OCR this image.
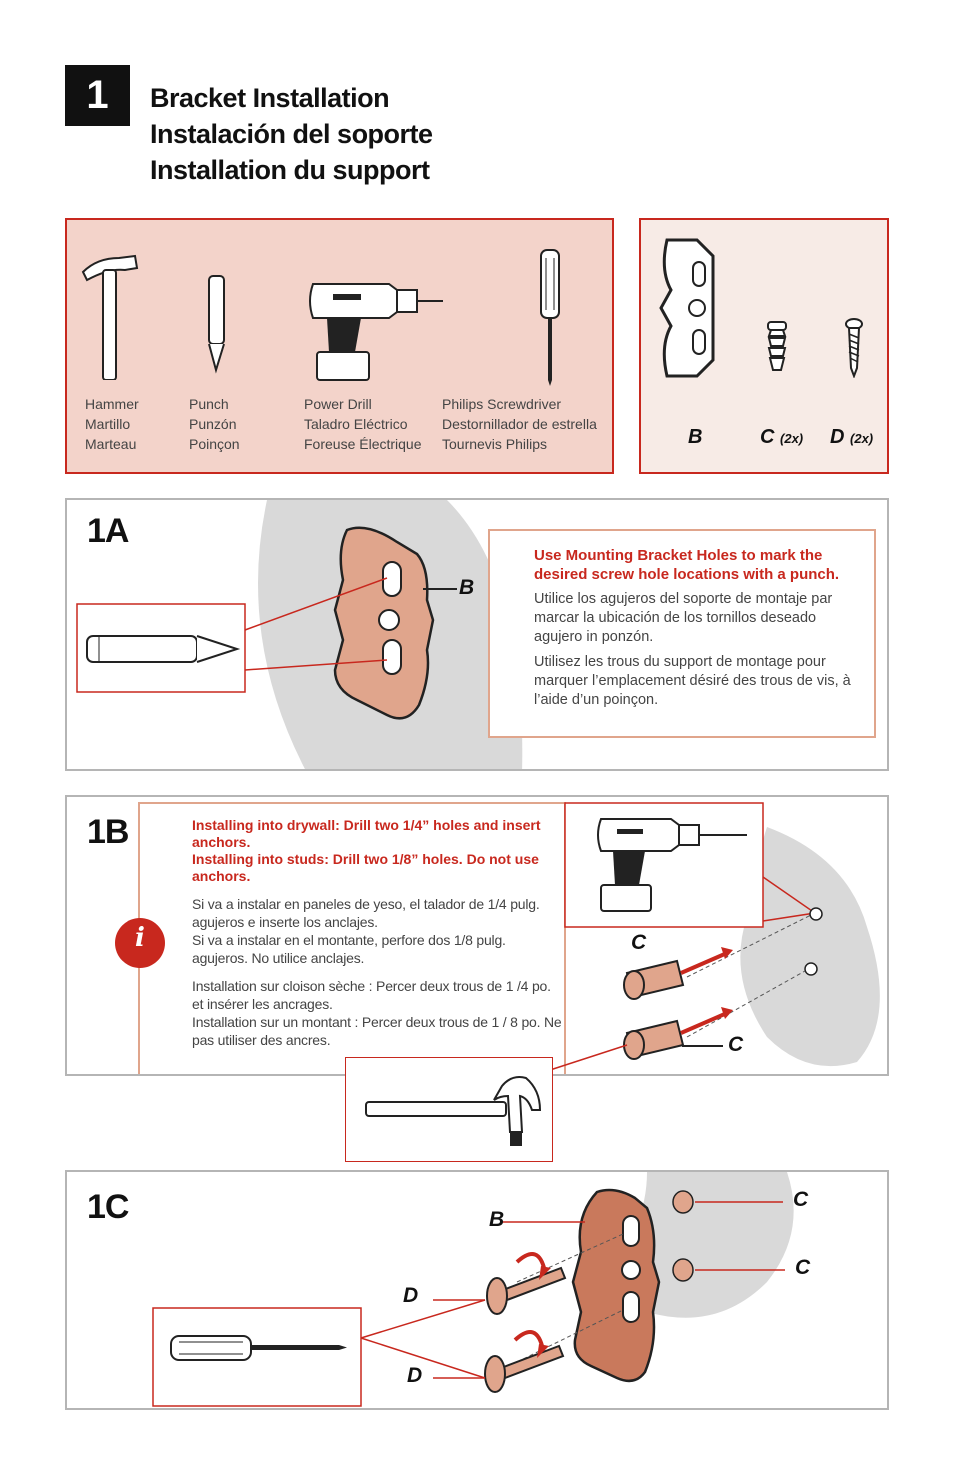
1	Bracket Installation
Instalación del soporte
Installation du support
Hammer
Martillo
Marteau
Punch
Punzón
Poinçon
Power Drill
Taladro Eléctrico
Foreuse Électrique
Philips Screwdriver
Destornillador de estrella
Tournevis Philips	B	C (2x) D (2x)
1A
B
Use Mounting Bracket Holes to mark the desired screw hole locations with a punch.
Utilice los agujeros del soporte de montaje par marcar la ubicación de los tornillos deseado agujero in ponzón.
Utilisez les trous du support de montage pour marquer l’emplacement désiré des trous de vis, à l’aide d’un poinçon.
1B
i
Installing into drywall: Drill two 1/4” holes and insert anchors.
Installing into studs: Drill two 1/8” holes. Do not use anchors.
Si va a instalar en paneles de yeso, el talador de 1/4 pulg. agujeros e inserte los anclajes.
Si va a instalar en el montante, perfore dos 1/8 pulg. agujeros. No utilice anclajes.
Installation sur cloison sèche : Percer deux trous de 1 /4 po. et insérer les ancrages.
Installation sur un montant : Percer deux trous de 1 / 8 po. Ne pas utiliser des ancres.
C
C
1C	B
C
C
D
D
